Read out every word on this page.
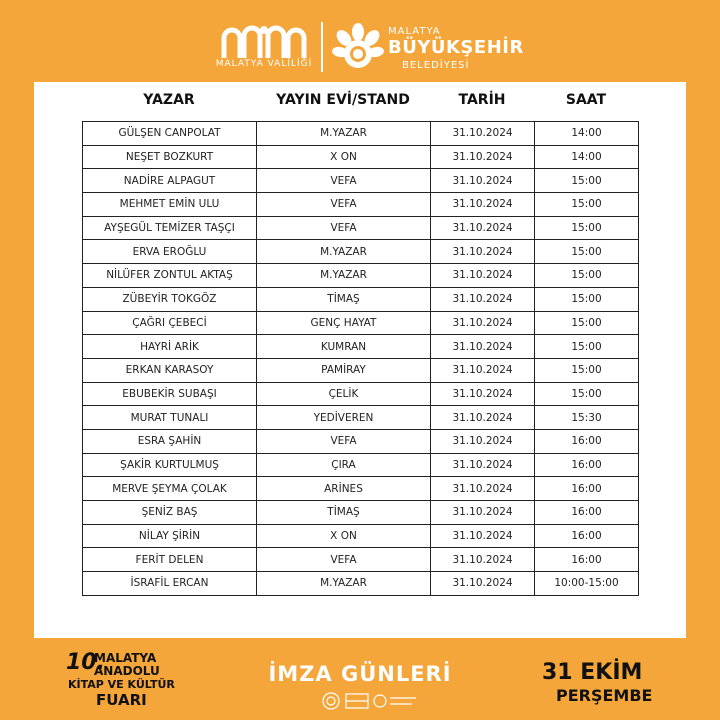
MALATYA VALİLİĞİ
MALATYA
BÜYÜKŞEHİR
BELEDİYESİ
YAZAR	YAYIN EVİ/STAND	TARİH	SAAT
GÜLŞEN CANPOLAT	M.YAZAR	31.10.2024	14:00
NEŞET BOZKURT	X ON	31.10.2024	14:00
NADİRE ALPAGUT	VEFA	31.10.2024	15:00
MEHMET EMİN ULU	VEFA	31.10.2024	15:00
AYŞEGÜL TEMİZER TAŞÇI	VEFA	31.10.2024	15:00
ERVA EROĞLU	M.YAZAR	31.10.2024	15:00
NİLÜFER ZONTUL AKTAŞ	M.YAZAR	31.10.2024	15:00
ZÜBEYİR TOKGÖZ	TİMAŞ	31.10.2024	15:00
ÇAĞRI ÇEBECİ	GENÇ HAYAT	31.10.2024	15:00
HAYRİ ARİK	KUMRAN	31.10.2024	15:00
ERKAN KARASOY	PAMİRAY	31.10.2024	15:00
EBUBEKİR SUBAŞI	ÇELİK	31.10.2024	15:00
MURAT TUNALI	YEDİVEREN	31.10.2024	15:30
ESRA ŞAHİN	VEFA	31.10.2024	16:00
ŞAKİR KURTULMUŞ	ÇIRA	31.10.2024	16:00
MERVE ŞEYMA ÇOLAK	ARİNES	31.10.2024	16:00
ŞENİZ BAŞ	TİMAŞ	31.10.2024	16:00
NİLAY ŞİRİN	X ON	31.10.2024	16:00
FERİT DELEN	VEFA	31.10.2024	16:00
İSRAFİL ERCAN	M.YAZAR	31.10.2024	10:00-15:00
10.
MALATYA
ANADOLU
KİTAP VE KÜLTÜR
FUARI
İMZA GÜNLERİ	31 EKİM
PERŞEMBE
